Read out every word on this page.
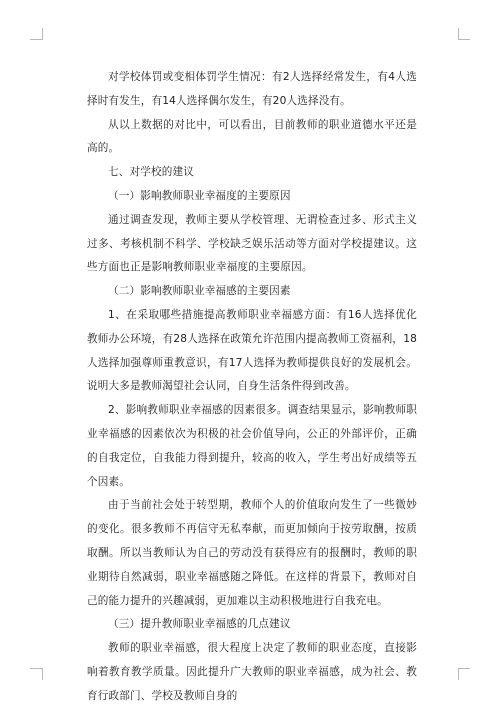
对学校体罚或变相体罚学生情况：有2人选择经常发生，有4人选择时有发生，有14人选择偶尔发生，有20人选择没有。

从以上数据的对比中，可以看出，目前教师的职业道德水平还是高的。

七、对学校的建议

（一）影响教师职业幸福度的主要原因

通过调查发现，教师主要从学校管理、无谓检查过多、形式主义过多、考核机制不科学、学校缺乏娱乐活动等方面对学校提建议。这些方面也正是影响教师职业幸福度的主要原因。

（二）影响教师职业幸福感的主要因素

1、在采取哪些措施提高教师职业幸福感方面：有16人选择优化教师办公环境，有28人选择在政策允许范围内提高教师工资福利，18人选择加强尊师重教意识，有17人选择为教师提供良好的发展机会。说明大多是教师渴望社会认同，自身生活条件得到改善。

2、影响教师职业幸福感的因素很多。调查结果显示，影响教师职业幸福感的因素依次为积极的社会价值导向，公正的外部评价，正确的自我定位，自我能力得到提升，较高的收入，学生考出好成绩等五个因素。

由于当前社会处于转型期，教师个人的价值取向发生了一些微妙的变化。很多教师不再信守无私奉献，而更加倾向于按劳取酬，按质取酬。所以当教师认为自己的劳动没有获得应有的报酬时，教师的职业期待自然减弱，职业幸福感随之降低。在这样的背景下，教师对自己的能力提升的兴趣减弱，更加难以主动积极地进行自我充电。

（三）提升教师职业幸福感的几点建议

教师的职业幸福感，很大程度上决定了教师的职业态度，直接影响着教育教学质量。因此提升广大教师的职业幸福感，成为社会、教育行政部门、学校及教师自身的
